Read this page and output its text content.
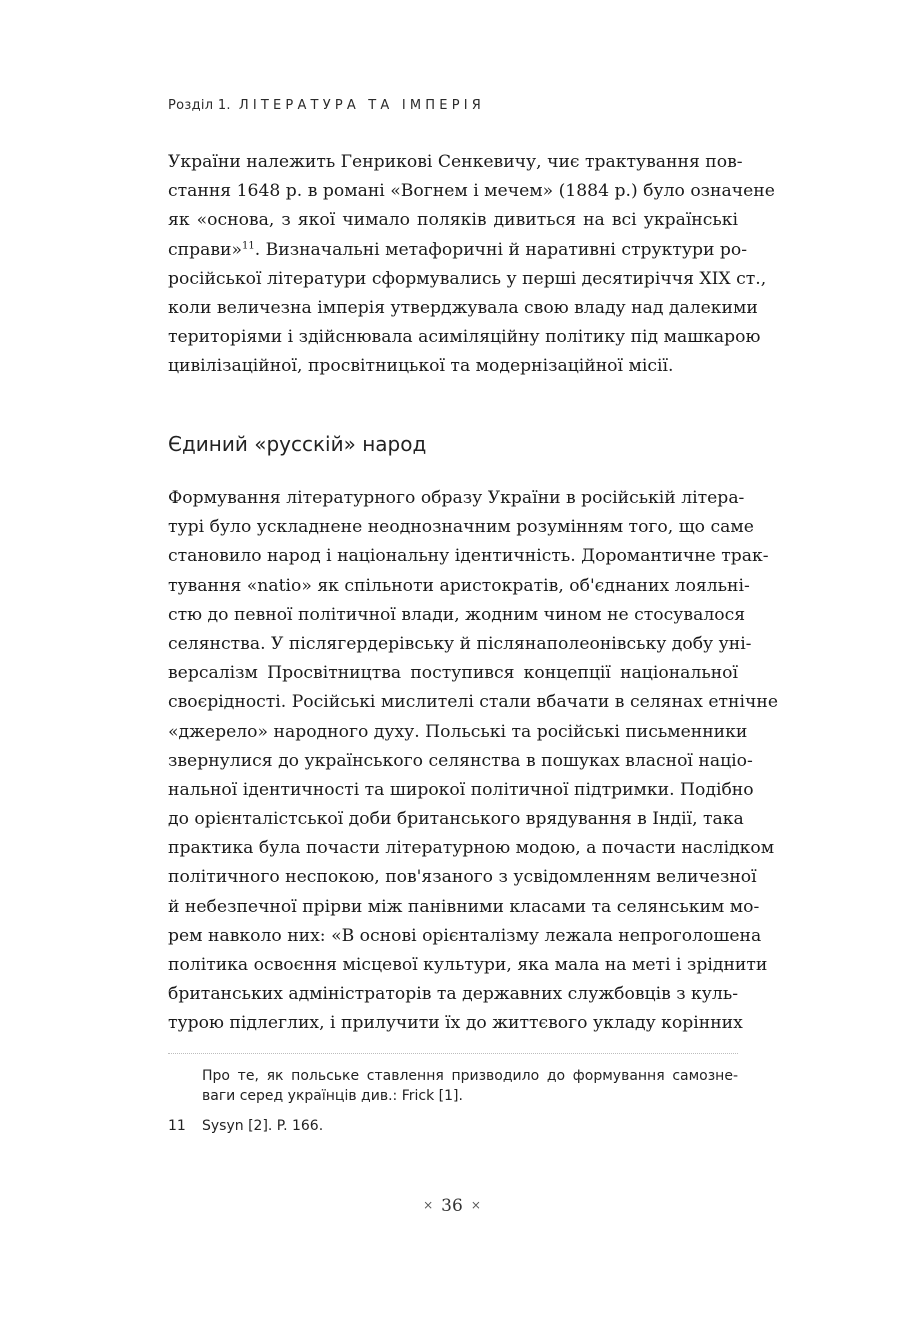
Розділ 1. ЛІТЕРАТУРА ТА ІМПЕРІЯ
України належить Генрикові Сенкевичу, чиє трактування пов-
стання 1648 р. в романі «Вогнем і мечем» (1884 р.) було означене
як «основа, з якої чимало поляків дивиться на всі українські
справи»$^{11}$. Визначальні метафоричні й наративні структури ро-
російської літератури сформувались у перші десятиріччя XIX ст.,
коли величезна імперія утверджувала свою владу над далекими
територіями і здійснювала асиміляційну політику під машкарою
цивілізаційної, просвітницької та модернізаційної місії.
Єдиний «русскій» народ
Формування літературного образу України в російській літера-
турі було ускладнене неоднозначним розумінням того, що саме
становило народ і національну ідентичність. Доромантичне трак-
тування «natio» як спільноти аристократів, об'єднаних лояльні-
стю до певної політичної влади, жодним чином не стосувалося
селянства. У післягердерівську й післянаполеонівську добу уні-
версалізм Просвітництва поступився концепції національної
своєрідності. Російські мислителі стали вбачати в селянах етнічне
«джерело» народного духу. Польські та російські письменники
звернулися до українського селянства в пошуках власної націо-
нальної ідентичності та широкої політичної підтримки. Подібно
до орієнталістської доби британського врядування в Індії, така
практика була почасти літературною модою, а почасти наслідком
політичного неспокою, пов'язаного з усвідомленням величезної
й небезпечної прірви між панівними класами та селянським мо-
рем навколо них: «В основі орієнталізму лежала непроголошена
політика освоєння місцевої культури, яка мала на меті і зріднити
британських адміністраторів та державних службовців з куль-
турою підлеглих, і прилучити їх до життєвого укладу корінних
Про те, як польське ставлення призводило до формування самозне-
ваги серед українців див.: Frick [1].
11 Sysyn [2]. P. 166.
× 36 ×
